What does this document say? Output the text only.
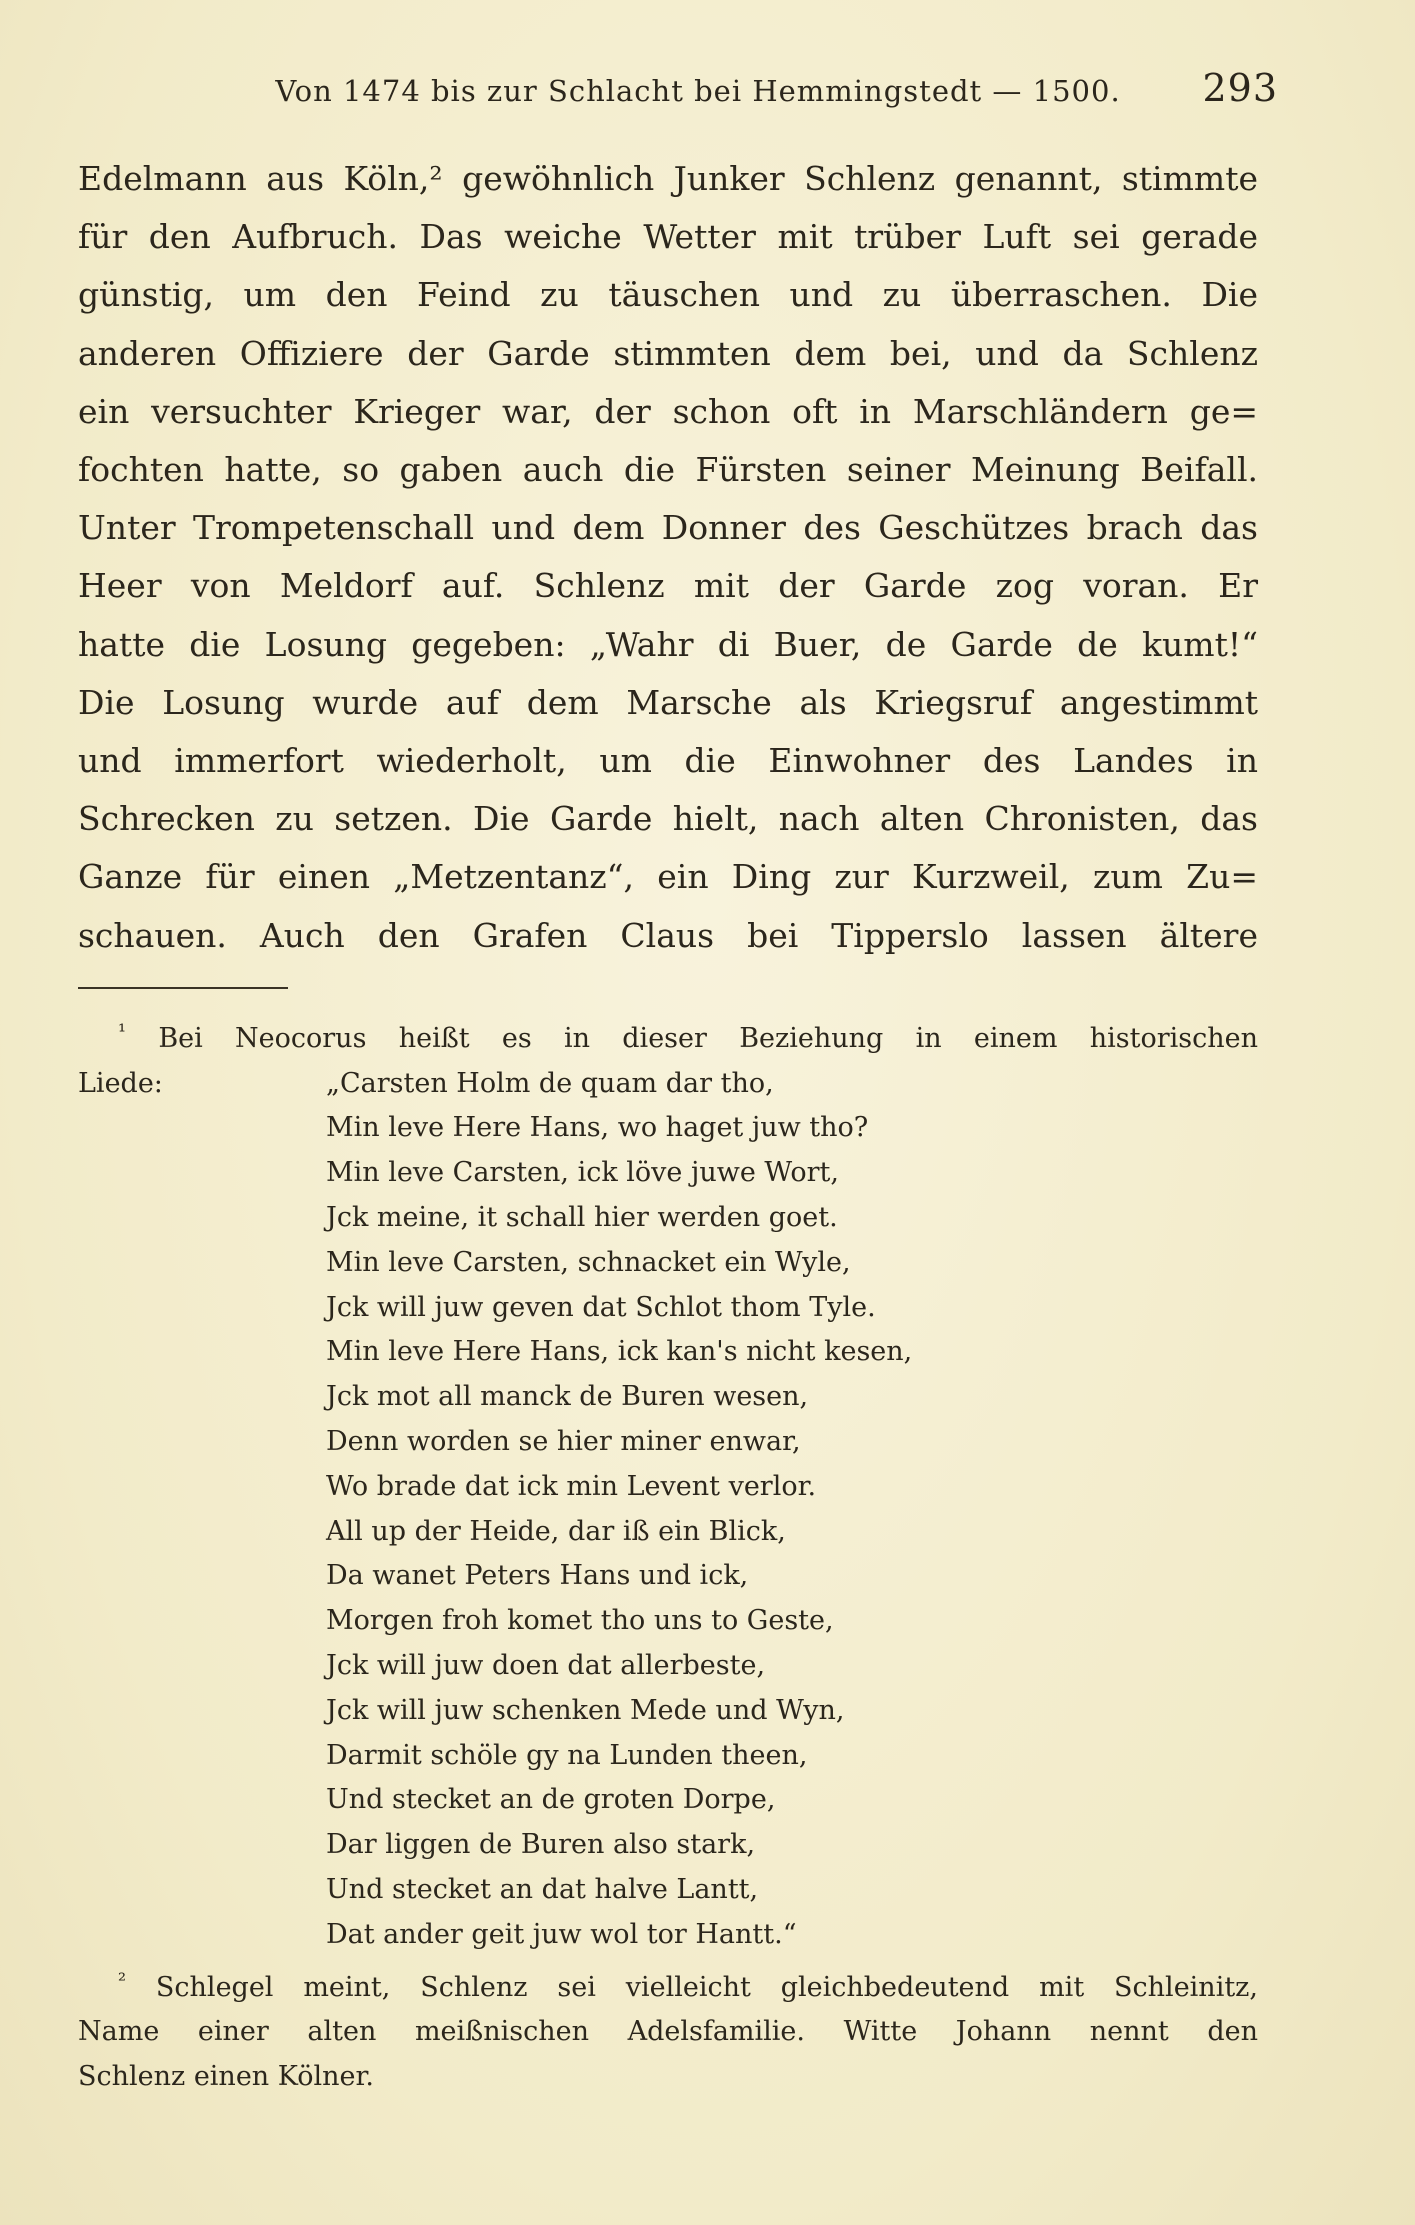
Von 1474 bis zur Schlacht bei Hemmingstedt — 1500. 293
Edelmann aus Köln,² gewöhnlich Junker Schlenz genannt, stimmte
für den Aufbruch. Das weiche Wetter mit trüber Luft sei gerade
günstig, um den Feind zu täuschen und zu überraschen. Die
anderen Offiziere der Garde stimmten dem bei, und da Schlenz
ein versuchter Krieger war, der schon oft in Marschländern ge=
fochten hatte, so gaben auch die Fürsten seiner Meinung Beifall.
Unter Trompetenschall und dem Donner des Geschützes brach das
Heer von Meldorf auf. Schlenz mit der Garde zog voran. Er
hatte die Losung gegeben: „Wahr di Buer, de Garde de kumt!“
Die Losung wurde auf dem Marsche als Kriegsruf angestimmt
und immerfort wiederholt, um die Einwohner des Landes in
Schrecken zu setzen. Die Garde hielt, nach alten Chronisten, das
Ganze für einen „Metzentanz“, ein Ding zur Kurzweil, zum Zu=
schauen. Auch den Grafen Claus bei Tipperslo lassen ältere
$^{^1}$ Bei Neocorus heißt es in dieser Beziehung in einem historischen
Liede:	„Carsten Holm de quam dar tho,
Min leve Here Hans, wo haget juw tho?
Min leve Carsten, ick löve juwe Wort,
Jck meine, it schall hier werden goet.
Min leve Carsten, schnacket ein Wyle,
Jck will juw geven dat Schlot thom Tyle.
Min leve Here Hans, ick kan's nicht kesen,
Jck mot all manck de Buren wesen,
Denn worden se hier miner enwar,
Wo brade dat ick min Levent verlor.
All up der Heide, dar iß ein Blick,
Da wanet Peters Hans und ick,
Morgen froh komet tho uns to Geste,
Jck will juw doen dat allerbeste,
Jck will juw schenken Mede und Wyn,
Darmit schöle gy na Lunden theen,
Und stecket an de groten Dorpe,
Dar liggen de Buren also stark,
Und stecket an dat halve Lantt,
Dat ander geit juw wol tor Hantt.“
$^{^2}$ Schlegel meint, Schlenz sei vielleicht gleichbedeutend mit Schleinitz,
Name einer alten meißnischen Adelsfamilie. Witte Johann nennt den
Schlenz einen Kölner.
